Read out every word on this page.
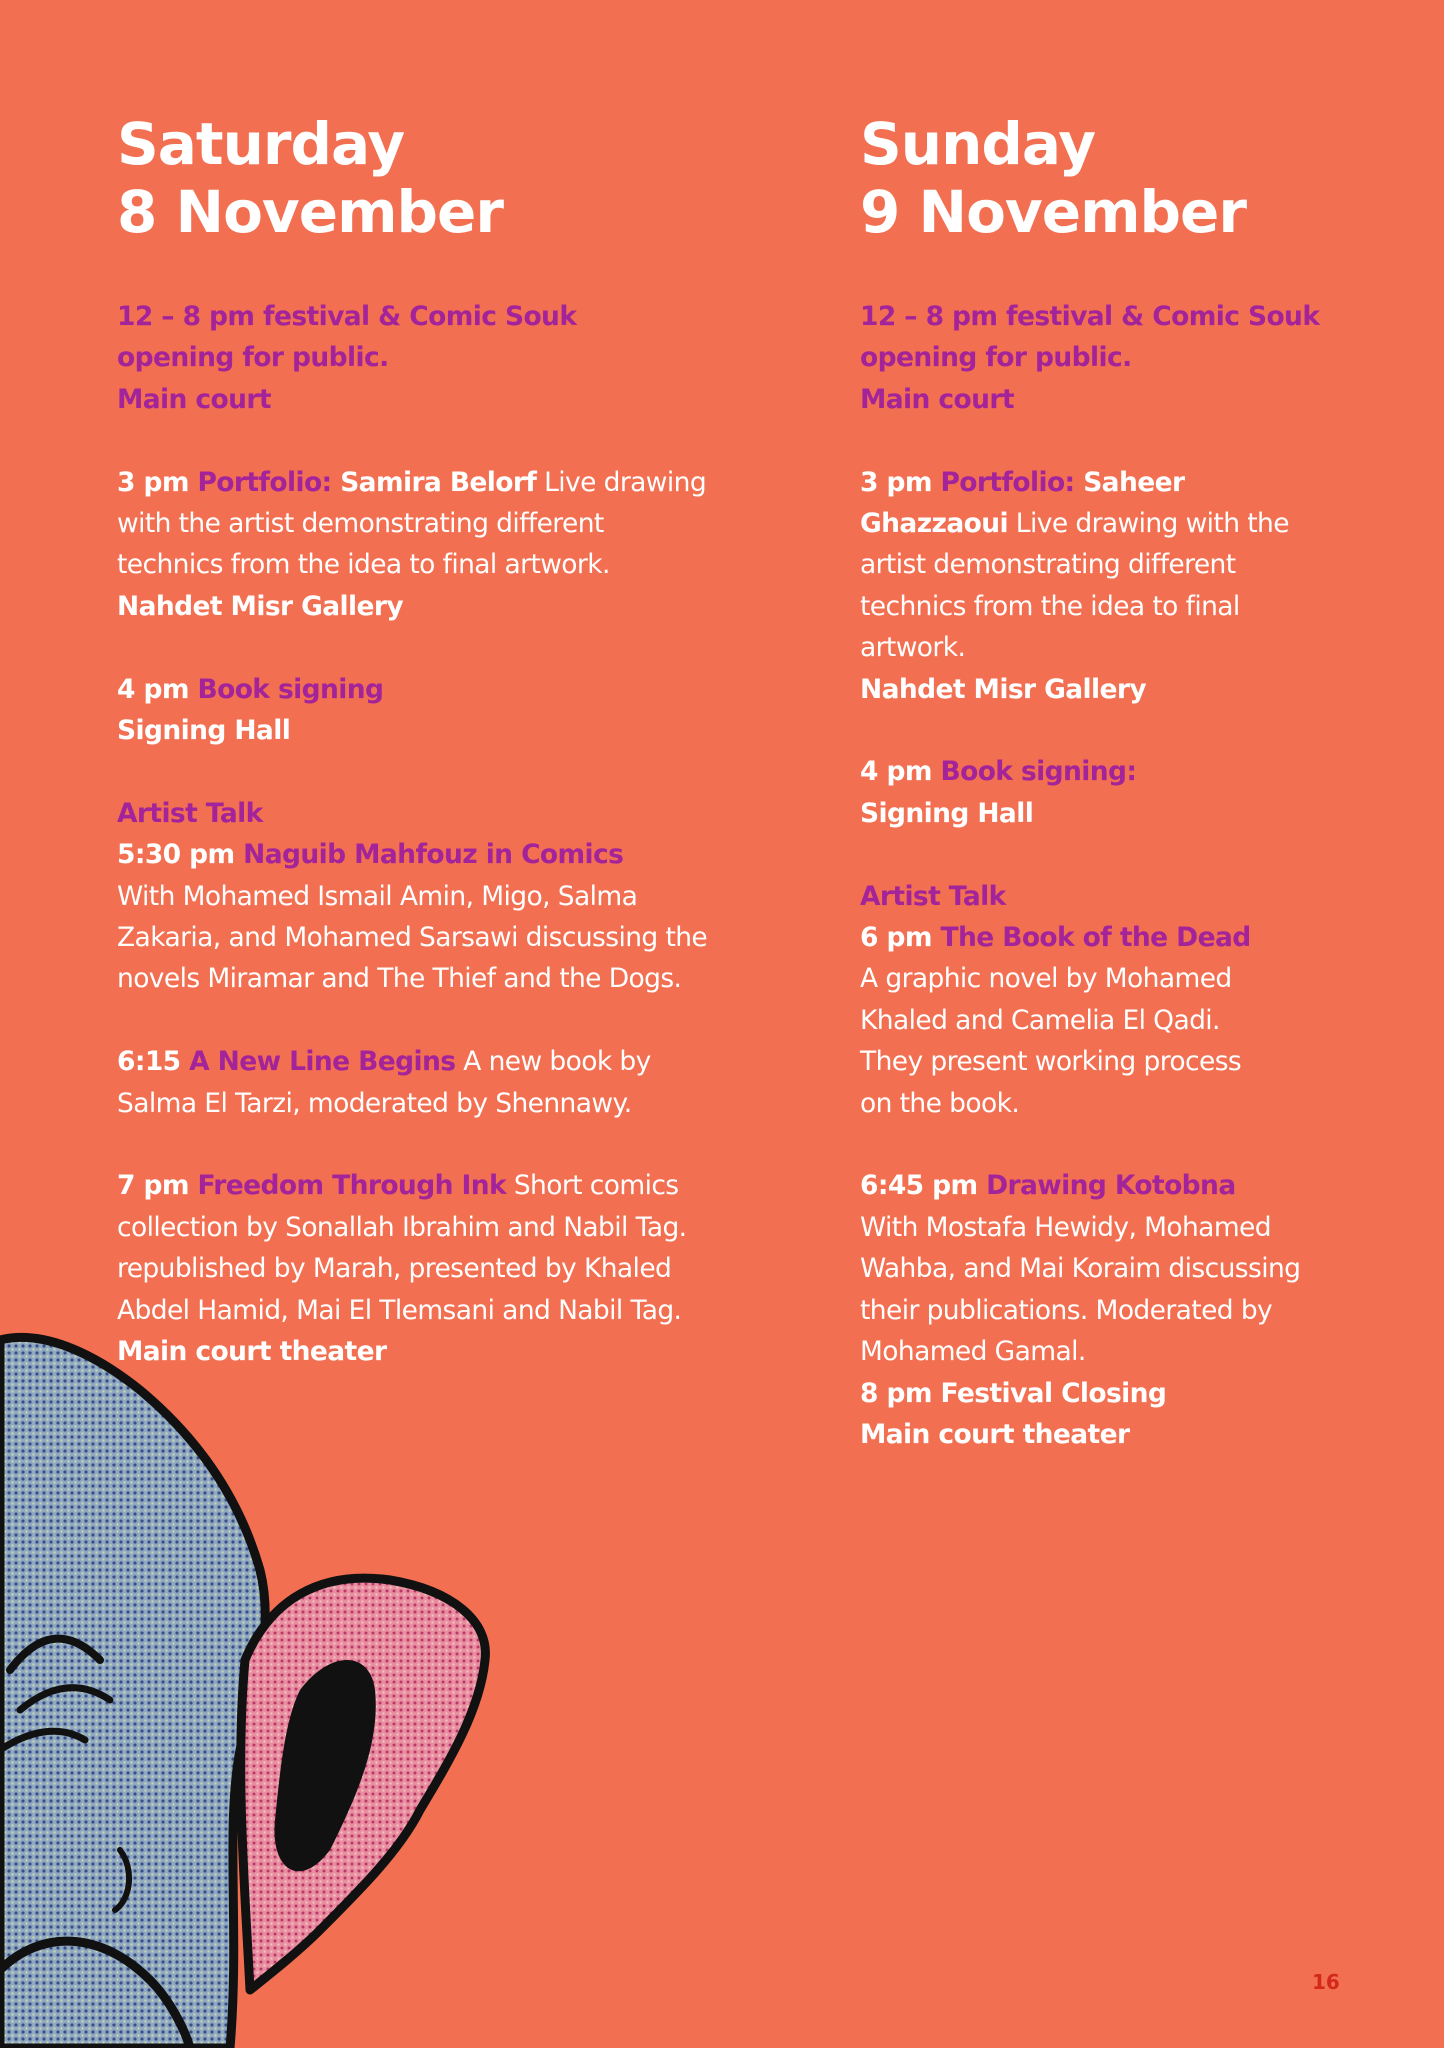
Saturday
8 November
12 – 8 pm festival & Comic Souk
opening for public.
Main court
3 pm Portfolio: Samira Belorf Live drawing
with the artist demonstrating different
technics from the idea to final artwork.
Nahdet Misr Gallery
4 pm Book signing
Signing Hall
Artist Talk
5:30 pm Naguib Mahfouz in Comics
With Mohamed Ismail Amin, Migo, Salma
Zakaria, and Mohamed Sarsawi discussing the
novels Miramar and The Thief and the Dogs.
6:15 A New Line Begins A new book by
Salma El Tarzi, moderated by Shennawy.
7 pm Freedom Through Ink Short comics
collection by Sonallah Ibrahim and Nabil Tag.
republished by Marah, presented by Khaled
Abdel Hamid, Mai El Tlemsani and Nabil Tag.
Main court theater
Sunday
9 November
12 – 8 pm festival & Comic Souk
opening for public.
Main court
3 pm Portfolio: Saheer
Ghazzaoui Live drawing with the
artist demonstrating different
technics from the idea to final
artwork.
Nahdet Misr Gallery
4 pm Book signing:
Signing Hall
Artist Talk
6 pm The Book of the Dead
A graphic novel by Mohamed
Khaled and Camelia El Qadi.
They present working process
on the book.
6:45 pm Drawing Kotobna
With Mostafa Hewidy, Mohamed
Wahba, and Mai Koraim discussing
their publications. Moderated by
Mohamed Gamal.
8 pm Festival Closing
Main court theater
16
